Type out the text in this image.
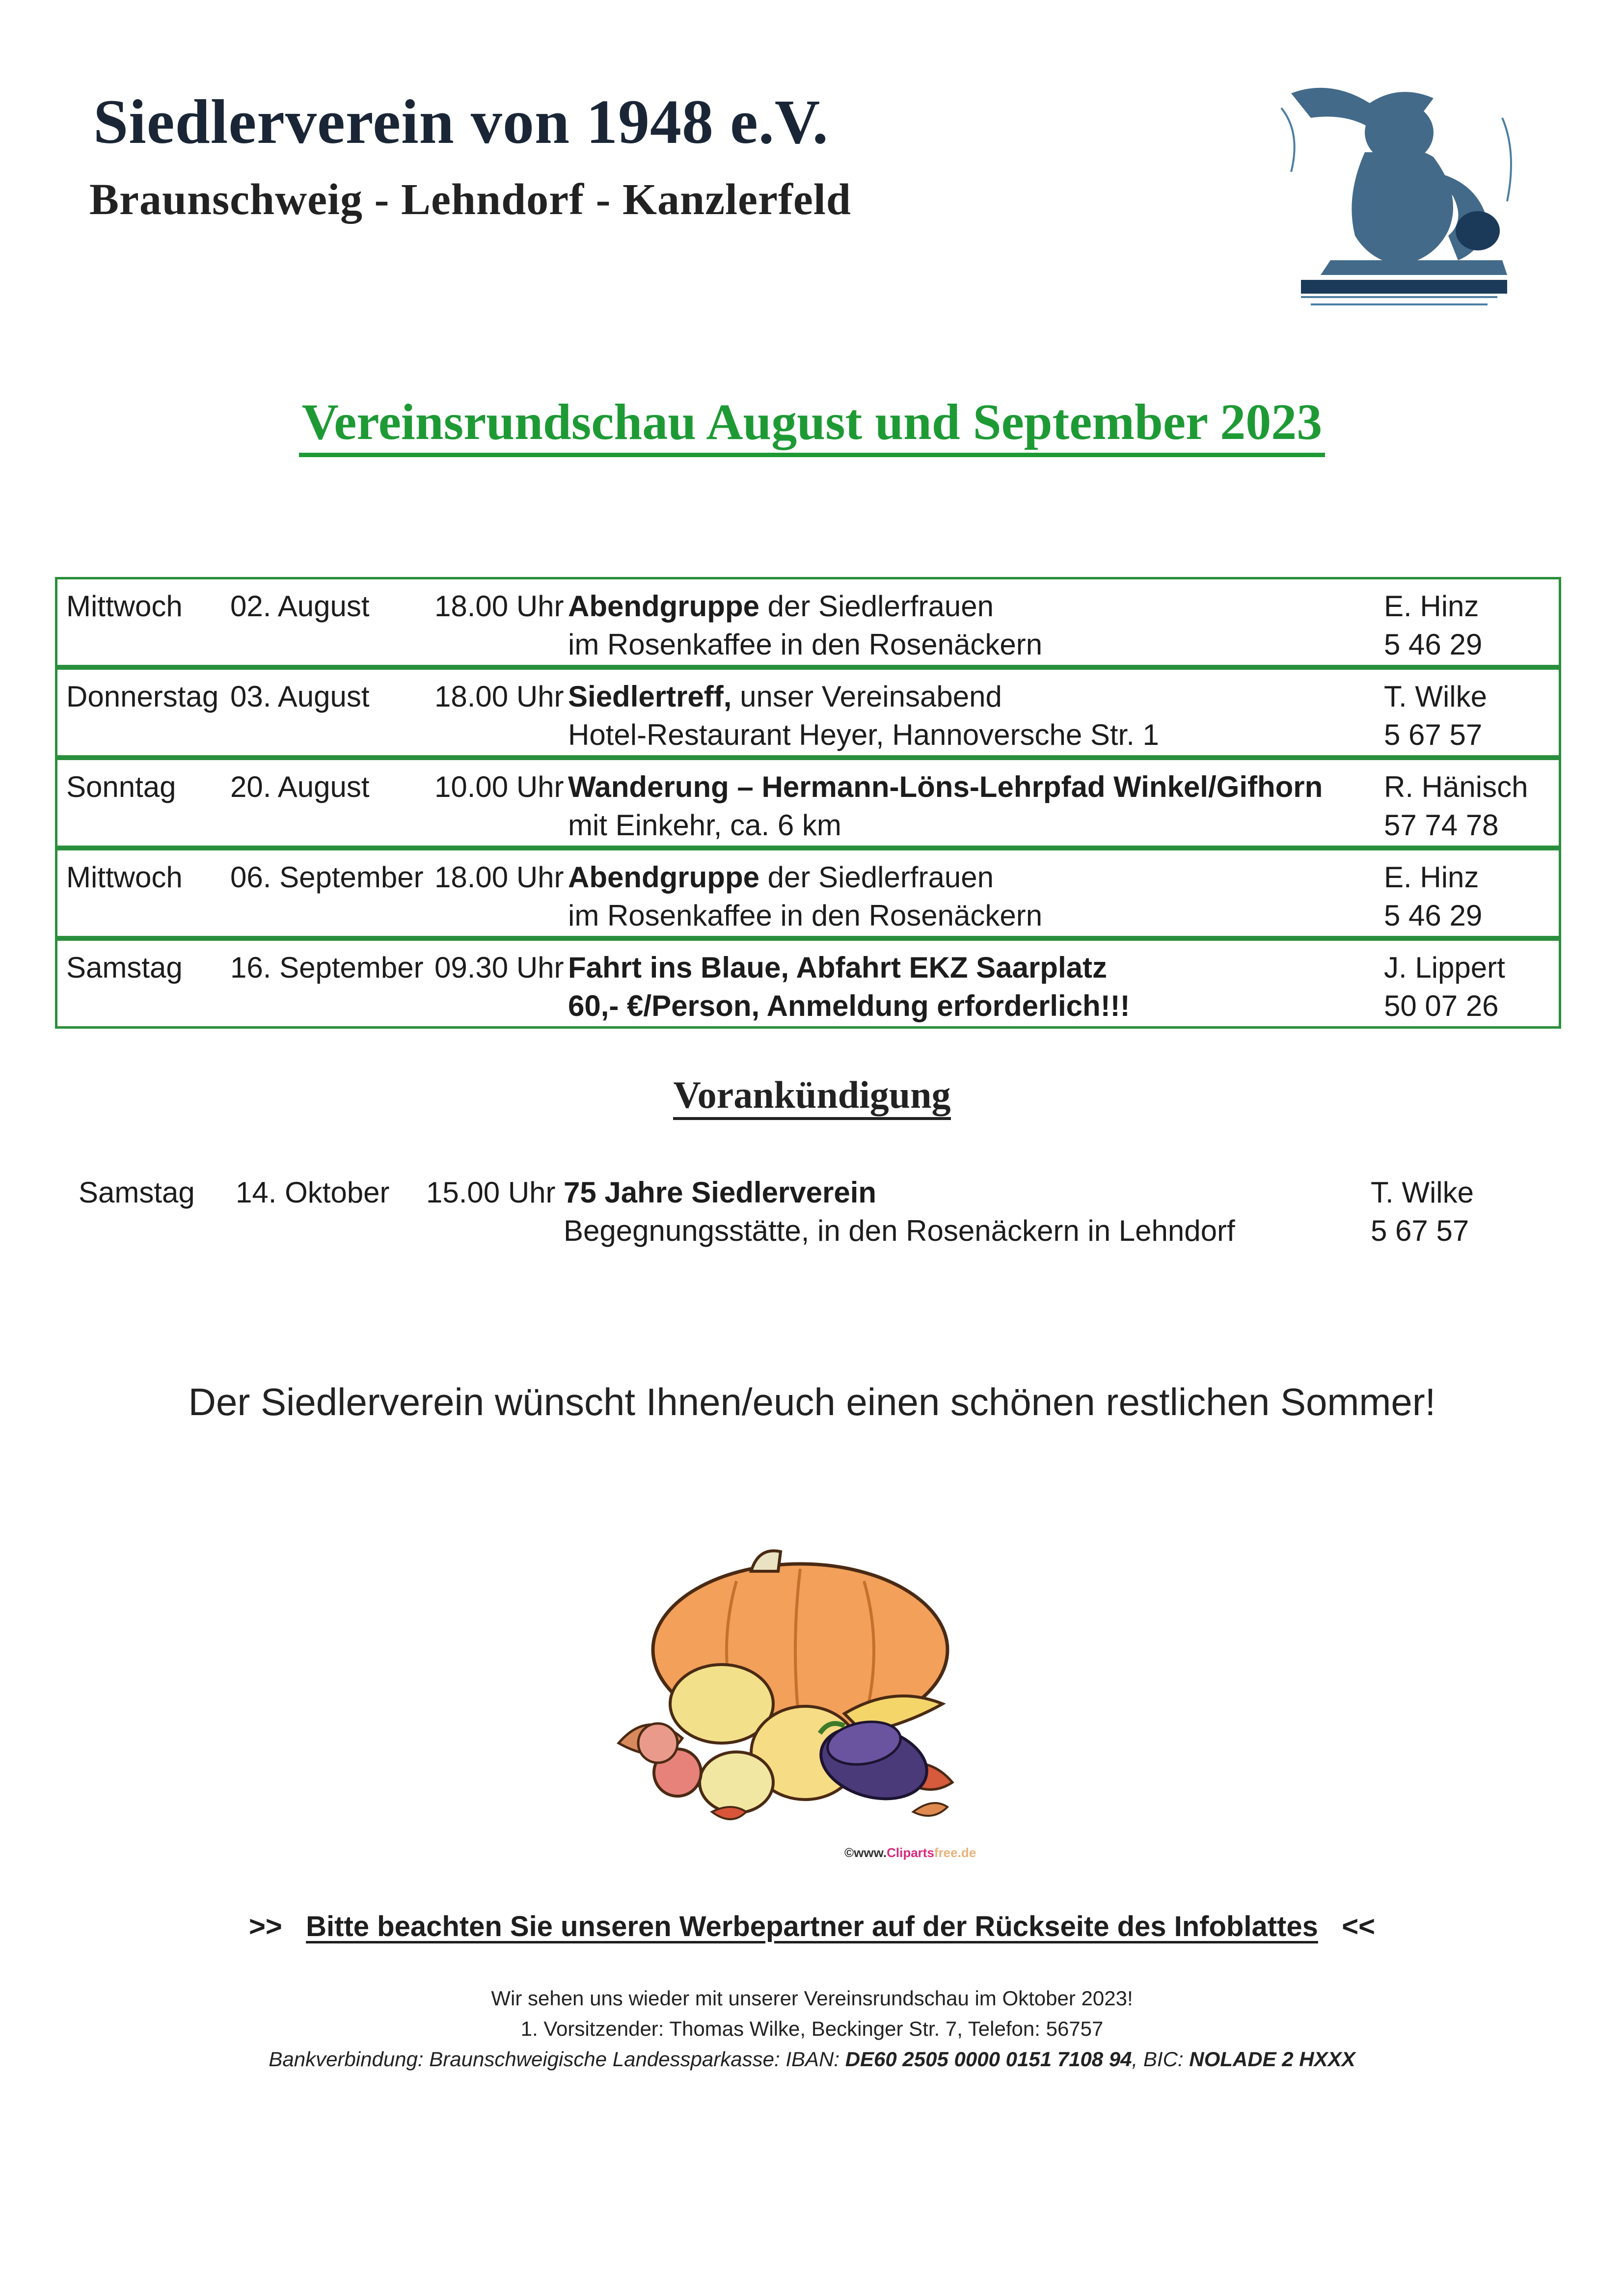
Siedlerverein von 1948 e.V.
Braunschweig - Lehndorf - Kanzlerfeld
Vereinsrundschau August und September 2023
Mittwoch 02. August 18.00 Uhr Abendgruppe der Siedlerfrauen
im Rosenkaffee in den Rosenäckern
E. Hinz
5 46 29
Donnerstag 03. August 18.00 Uhr Siedlertreff, unser Vereinsabend
Hotel-Restaurant Heyer, Hannoversche Str. 1
T. Wilke
5 67 57
Sonntag 20. August 10.00 Uhr Wanderung – Hermann-Löns-Lehrpfad Winkel/Gifhorn
mit Einkehr, ca. 6 km
R. Hänisch
57 74 78
Mittwoch 06. September 18.00 Uhr Abendgruppe der Siedlerfrauen
im Rosenkaffee in den Rosenäckern
E. Hinz
5 46 29
Samstag 16. September 09.30 Uhr Fahrt ins Blaue, Abfahrt EKZ Saarplatz
60,- €/Person, Anmeldung erforderlich!!!
J. Lippert
50 07 26
Vorankündigung
Samstag 14. Oktober 15.00 Uhr 75 Jahre Siedlerverein
Begegnungsstätte, in den Rosenäckern in Lehndorf
T. Wilke
5 67 57
Der Siedlerverein wünscht Ihnen/euch einen schönen restlichen Sommer!
©www.Clipartsfree.de
>> Bitte beachten Sie unseren Werbepartner auf der Rückseite des Infoblattes <<
Wir sehen uns wieder mit unserer Vereinsrundschau im Oktober 2023!
1. Vorsitzender: Thomas Wilke, Beckinger Str. 7, Telefon: 56757
Bankverbindung: Braunschweigische Landessparkasse: IBAN: DE60 2505 0000 0151 7108 94, BIC: NOLADE 2 HXXX
